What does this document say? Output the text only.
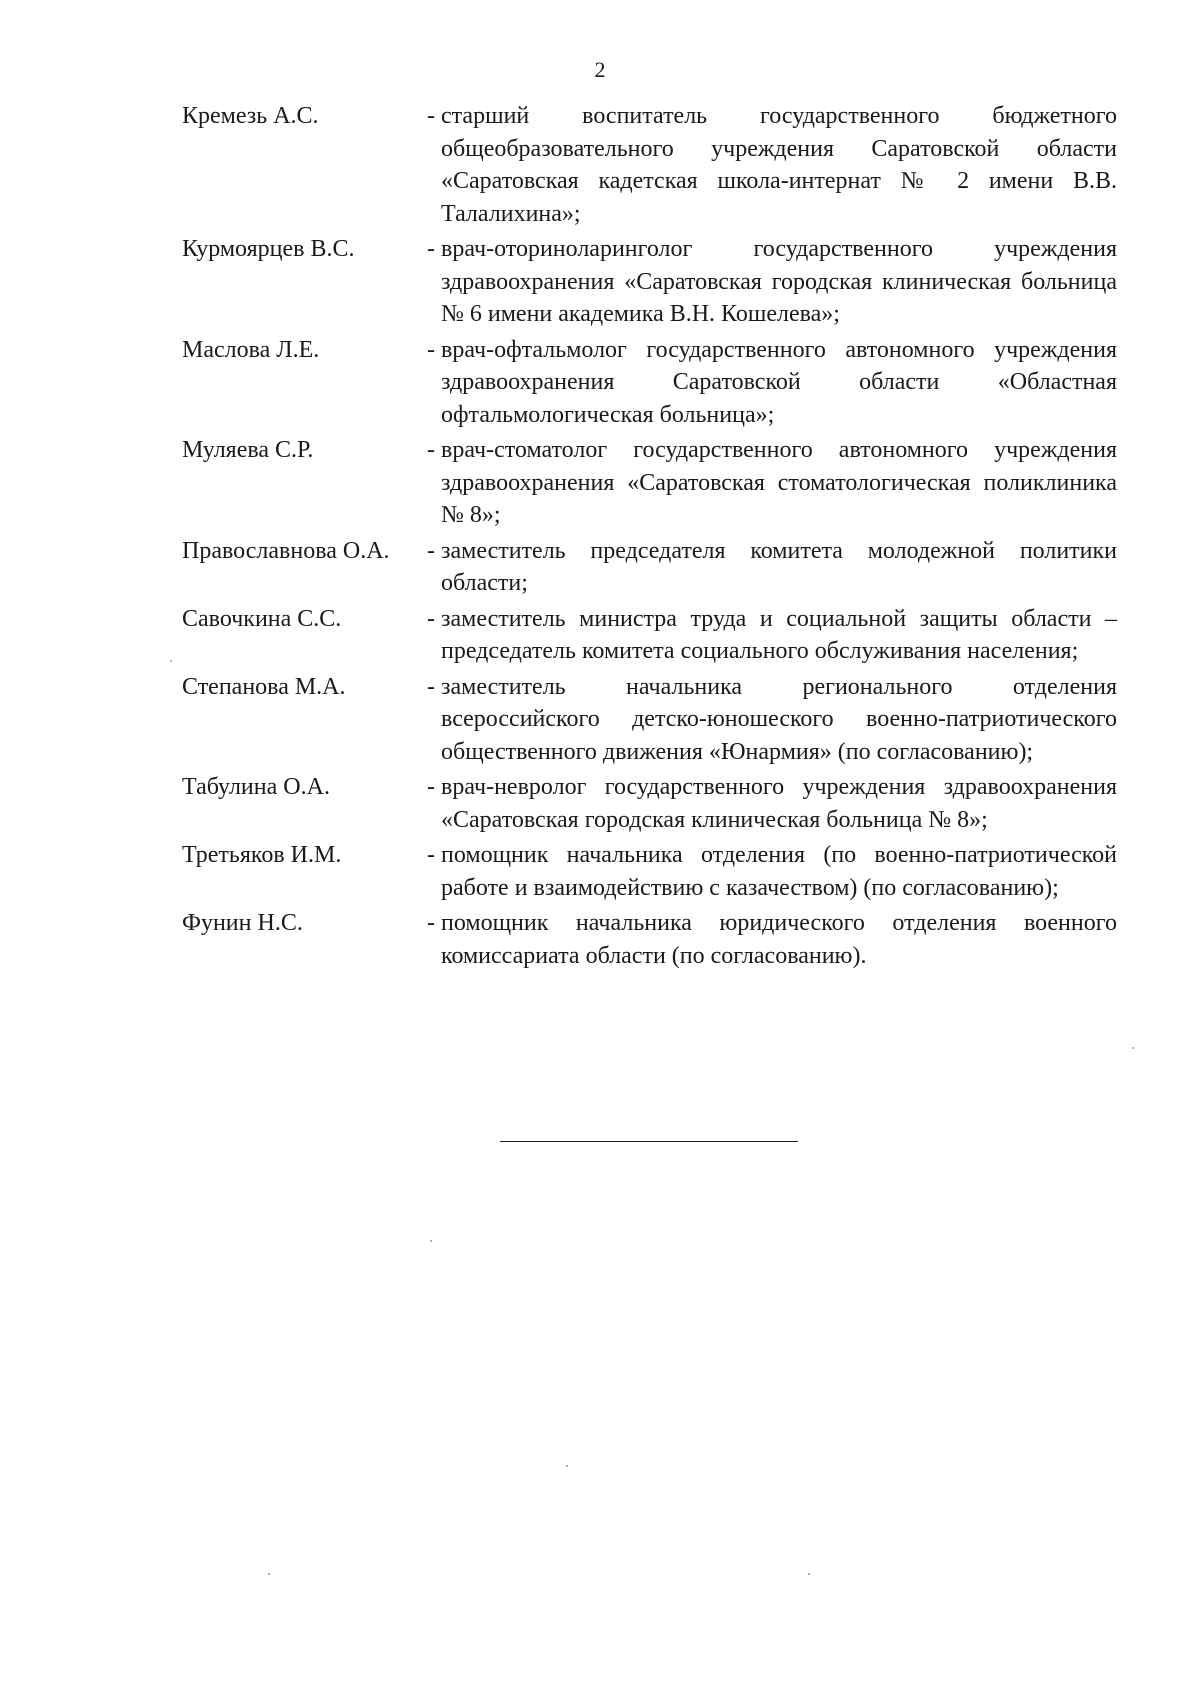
2
Кремезь А.С.	- старший воспитатель государственного бюджетного общеобразовательного учреждения Саратовской области «Саратовская кадетская школа-интернат № 2 имени В.В. Талалихина»;
Курмоярцев В.С.	- врач-оториноларинголог государственного учреждения здравоохранения «Саратовская городская клиническая больница № 6 имени академика В.Н. Кошелева»;
Маслова Л.Е.	- врач-офтальмолог государственного автономного учреждения здравоохранения Саратовской области «Областная офтальмологическая больница»;
Муляева С.Р.	- врач-стоматолог государственного автономного учреждения здравоохранения «Саратовская стоматологическая поликлиника № 8»;
Православнова О.А.	- заместитель председателя комитета молодежной политики области;
Савочкина С.С.	- заместитель министра труда и социальной защиты области – председатель комитета социального обслуживания населения;
Степанова М.А.	- заместитель начальника регионального отделения всероссийского детско-юношеского военно-патриотического общественного движения «Юнармия» (по согласованию);
Табулина О.А.	- врач-невролог государственного учреждения здравоохранения «Саратовская городская клиническая больница № 8»;
Третьяков И.М.	- помощник начальника отделения (по военно-патриотической работе и взаимодействию с казачеством) (по согласованию);
Фунин Н.С.	- помощник начальника юридического отделения военного комиссариата области (по согласованию).
